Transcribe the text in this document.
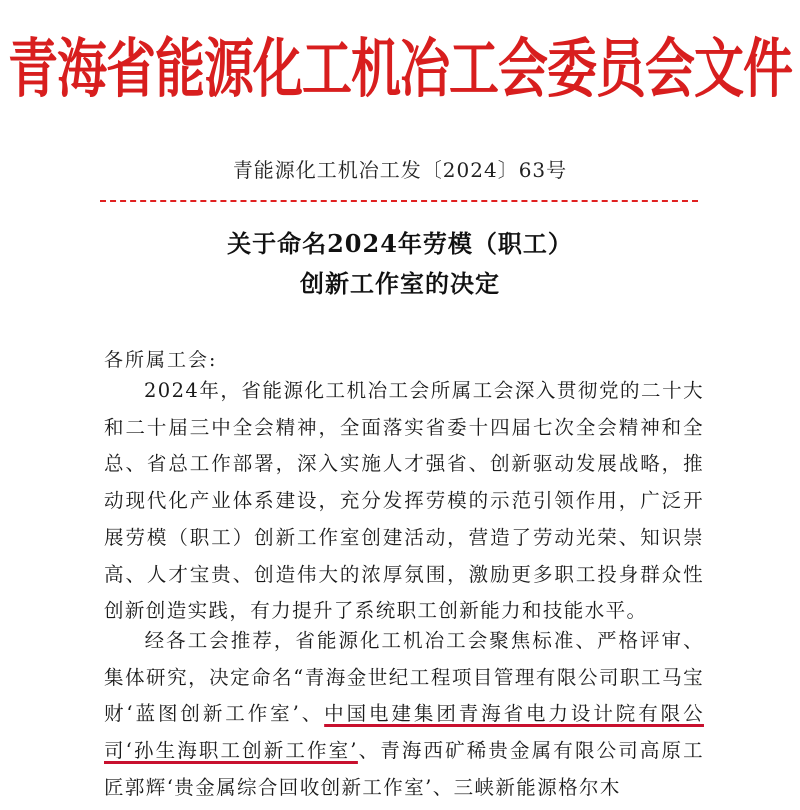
青海省能源化工机冶工会委员会文件
青能源化工机冶工发〔2024〕63号
关于命名2024年劳模（职工）
创新工作室的决定
各所属工会:
2024年，省能源化工机冶工会所属工会深入贯彻党的二十大和二十届三中全会精神，全面落实省委十四届七次全会精神和全总、省总工作部署，深入实施人才强省、创新驱动发展战略，推动现代化产业体系建设，充分发挥劳模的示范引领作用，广泛开展劳模（职工）创新工作室创建活动，营造了劳动光荣、知识崇高、人才宝贵、创造伟大的浓厚氛围，激励更多职工投身群众性创新创造实践，有力提升了系统职工创新能力和技能水平。
经各工会推荐，省能源化工机冶工会聚焦标准、严格评审、集体研究，决定命名“青海金世纪工程项目管理有限公司职工马宝财‘蓝图创新工作室’、中国电建集团青海省电力设计院有限公司‘孙生海职工创新工作室’、青海西矿稀贵金属有限公司高原工匠郭辉‘贵金属综合回收创新工作室’、三峡新能源格尔木
